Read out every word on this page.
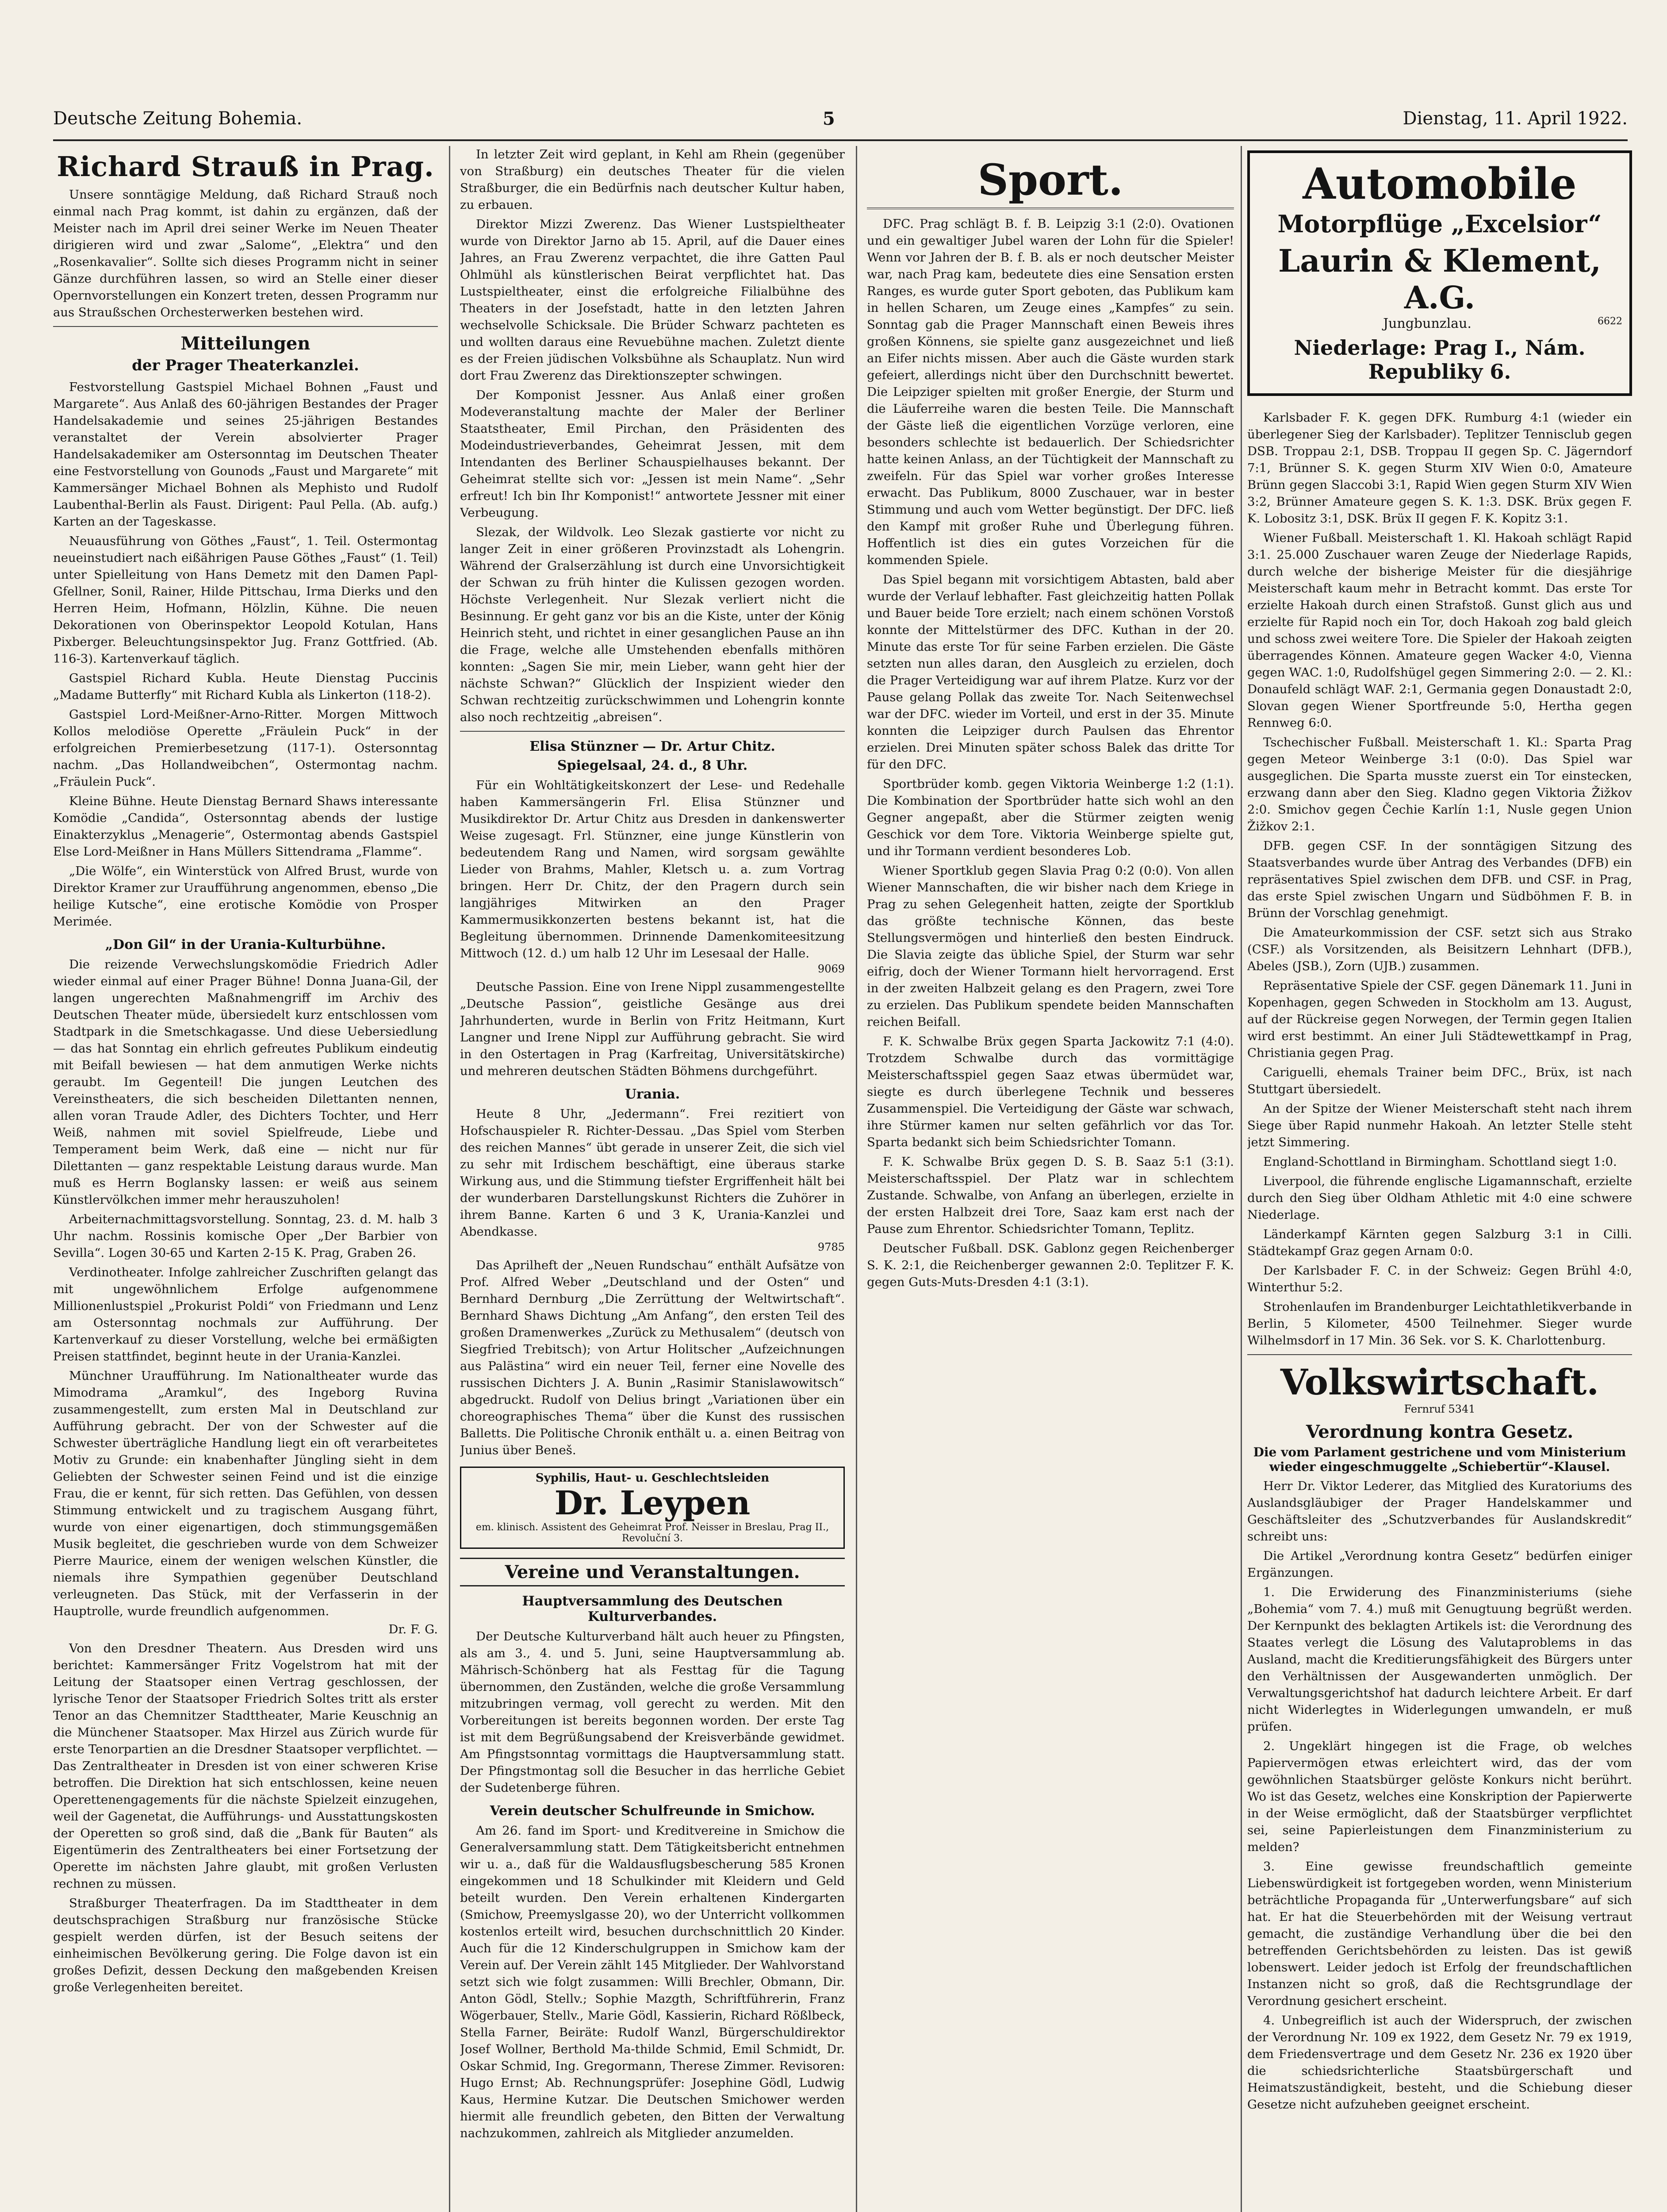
Deutsche Zeitung Bohemia.	5	Dienstag, 11. April 1922.
Richard Strauß in Prag.

Unsere sonntägige Meldung, daß Richard Strauß noch einmal nach Prag kommt, ist dahin zu ergänzen, daß der Meister nach im April drei seiner Werke im Neuen Theater dirigieren wird und zwar „Salome“, „Elektra“ und den „Rosenkavalier“. Sollte sich dieses Programm nicht in seiner Gänze durchführen lassen, so wird an Stelle einer dieser Opernvorstellungen ein Konzert treten, dessen Programm nur aus Straußschen Orchesterwerken bestehen wird.

Mitteilungen
der Prager Theaterkanzlei.

Festvorstellung Gastspiel Michael Bohnen „Faust und Margarete“. Aus Anlaß des 60-jährigen Bestandes der Prager Handelsakademie und seines 25-jährigen Bestandes veranstaltet der Verein absolvierter Prager Handelsakademiker am Ostersonntag im Deutschen Theater eine Festvorstellung von Gounods „Faust und Margarete“ mit Kammersänger Michael Bohnen als Mephisto und Rudolf Laubenthal-Berlin als Faust. Dirigent: Paul Pella. (Ab. aufg.) Karten an der Tageskasse.

Neuausführung von Göthes „Faust“, 1. Teil. Ostermontag neueinstudiert nach eißährigen Pause Göthes „Faust“ (1. Teil) unter Spielleitung von Hans Demetz mit den Damen Papl-Gfellner, Sonil, Rainer, Hilde Pittschau, Irma Dierks und den Herren Heim, Hofmann, Hölzlin, Kühne. Die neuen Dekorationen von Oberinspektor Leopold Kotulan, Hans Pixberger. Beleuchtungsinspektor Jug. Franz Gottfried. (Ab. 116-3). Kartenverkauf täglich.

Gastspiel Richard Kubla. Heute Dienstag Puccinis „Madame Butterfly“ mit Richard Kubla als Linkerton (118-2).

Gastspiel Lord-Meißner-Arno-Ritter. Morgen Mittwoch Kollos melodiöse Operette „Fräulein Puck“ in der erfolgreichen Premierbesetzung (117-1). Ostersonntag nachm. „Das Hollandweibchen“, Ostermontag nachm. „Fräulein Puck“.

Kleine Bühne. Heute Dienstag Bernard Shaws interessante Komödie „Candida“, Ostersonntag abends der lustige Einakterzyklus „Menagerie“, Ostermontag abends Gastspiel Else Lord-Meißner in Hans Müllers Sittendrama „Flamme“.

„Die Wölfe“, ein Winterstück von Alfred Brust, wurde von Direktor Kramer zur Uraufführung angenommen, ebenso „Die heilige Kutsche“, eine erotische Komödie von Prosper Merimée.

„Don Gil“ in der Urania-Kulturbühne.

Die reizende Verwechslungskomödie Friedrich Adler wieder einmal auf einer Prager Bühne! Donna Juana-Gil, der langen ungerechten Maßnahmengriff im Archiv des Deutschen Theater müde, übersiedelt kurz entschlossen vom Stadtpark in die Smetschkagasse. Und diese Uebersiedlung — das hat Sonntag ein ehrlich gefreutes Publikum eindeutig mit Beifall bewiesen — hat dem anmutigen Werke nichts geraubt. Im Gegenteil! Die jungen Leutchen des Vereinstheaters, die sich bescheiden Dilettanten nennen, allen voran Traude Adler, des Dichters Tochter, und Herr Weiß, nahmen mit soviel Spielfreude, Liebe und Temperament beim Werk, daß eine — nicht nur für Dilettanten — ganz respektable Leistung daraus wurde. Man muß es Herrn Boglansky lassen: er weiß aus seinem Künstlervölkchen immer mehr herauszuholen!

Arbeiternachmittagsvorstellung. Sonntag, 23. d. M. halb 3 Uhr nachm. Rossinis komische Oper „Der Barbier von Sevilla“. Logen 30-65 und Karten 2-15 K. Prag, Graben 26.

Verdinotheater. Infolge zahlreicher Zuschriften gelangt das mit ungewöhnlichem Erfolge aufgenommene Millionenlustspiel „Prokurist Poldi“ von Friedmann und Lenz am Ostersonntag nochmals zur Aufführung. Der Kartenverkauf zu dieser Vorstellung, welche bei ermäßigten Preisen stattfindet, beginnt heute in der Urania-Kanzlei.

Münchner Uraufführung. Im Nationaltheater wurde das Mimodrama „Aramkul“, des Ingeborg Ruvina zusammengestellt, zum ersten Mal in Deutschland zur Aufführung gebracht. Der von der Schwester auf die Schwester überträgliche Handlung liegt ein oft verarbeitetes Motiv zu Grunde: ein knabenhafter Jüngling sieht in dem Geliebten der Schwester seinen Feind und ist die einzige Frau, die er kennt, für sich retten. Das Gefühlen, von dessen Stimmung entwickelt und zu tragischem Ausgang führt, wurde von einer eigenartigen, doch stimmungsgemäßen Musik begleitet, die geschrieben wurde von dem Schweizer Pierre Maurice, einem der wenigen welschen Künstler, die niemals ihre Sympathien gegenüber Deutschland verleugneten. Das Stück, mit der Verfasserin in der Hauptrolle, wurde freundlich aufgenommen.

Dr. F. G.

Von den Dresdner Theatern. Aus Dresden wird uns berichtet: Kammersänger Fritz Vogelstrom hat mit der Leitung der Staatsoper einen Vertrag geschlossen, der lyrische Tenor der Staatsoper Friedrich Soltes tritt als erster Tenor an das Chemnitzer Stadttheater, Marie Keuschnig an die Münchener Staatsoper. Max Hirzel aus Zürich wurde für erste Tenorpartien an die Dresdner Staatsoper verpflichtet. — Das Zentraltheater in Dresden ist von einer schweren Krise betroffen. Die Direktion hat sich entschlossen, keine neuen Operettenengagements für die nächste Spielzeit einzugehen, weil der Gagenetat, die Aufführungs- und Ausstattungskosten der Operetten so groß sind, daß die „Bank für Bauten“ als Eigentümerin des Zentraltheaters bei einer Fortsetzung der Operette im nächsten Jahre glaubt, mit großen Verlusten rechnen zu müssen.

Straßburger Theaterfragen. Da im Stadttheater in dem deutschsprachigen Straßburg nur französische Stücke gespielt werden dürfen, ist der Besuch seitens der einheimischen Bevölkerung gering. Die Folge davon ist ein großes Defizit, dessen Deckung den maßgebenden Kreisen große Verlegenheiten bereitet.

In letzter Zeit wird geplant, in Kehl am Rhein (gegenüber von Straßburg) ein deutsches Theater für die vielen Straßburger, die ein Bedürfnis nach deutscher Kultur haben, zu erbauen.

Direktor Mizzi Zwerenz. Das Wiener Lustspieltheater wurde von Direktor Jarno ab 15. April, auf die Dauer eines Jahres, an Frau Zwerenz verpachtet, die ihre Gatten Paul Ohlmühl als künstlerischen Beirat verpflichtet hat. Das Lustspieltheater, einst die erfolgreiche Filialbühne des Theaters in der Josefstadt, hatte in den letzten Jahren wechselvolle Schicksale. Die Brüder Schwarz pachteten es und wollten daraus eine Revuebühne machen. Zuletzt diente es der Freien jüdischen Volksbühne als Schauplatz. Nun wird dort Frau Zwerenz das Direktionszepter schwingen.

Der Komponist Jessner. Aus Anlaß einer großen Modeveranstaltung machte der Maler der Berliner Staatstheater, Emil Pirchan, den Präsidenten des Modeindustrieverbandes, Geheimrat Jessen, mit dem Intendanten des Berliner Schauspielhauses bekannt. Der Geheimrat stellte sich vor: „Jessen ist mein Name“. „Sehr erfreut! Ich bin Ihr Komponist!“ antwortete Jessner mit einer Verbeugung.

Slezak, der Wildvolk. Leo Slezak gastierte vor nicht zu langer Zeit in einer größeren Provinzstadt als Lohengrin. Während der Gralserzählung ist durch eine Unvorsichtigkeit der Schwan zu früh hinter die Kulissen gezogen worden. Höchste Verlegenheit. Nur Slezak verliert nicht die Besinnung. Er geht ganz vor bis an die Kiste, unter der König Heinrich steht, und richtet in einer gesanglichen Pause an ihn die Frage, welche alle Umstehenden ebenfalls mithören konnten: „Sagen Sie mir, mein Lieber, wann geht hier der nächste Schwan?“ Glücklich der Inspizient wieder den Schwan rechtzeitig zurückschwimmen und Lohengrin konnte also noch rechtzeitig „abreisen“.

Elisa Stünzner — Dr. Artur Chitz.
Spiegelsaal, 24. d., 8 Uhr.

Für ein Wohltätigkeitskonzert der Lese- und Redehalle haben Kammersängerin Frl. Elisa Stünzner und Musikdirektor Dr. Artur Chitz aus Dresden in dankenswerter Weise zugesagt. Frl. Stünzner, eine junge Künstlerin von bedeutendem Rang und Namen, wird sorgsam gewählte Lieder von Brahms, Mahler, Kletsch u. a. zum Vortrag bringen. Herr Dr. Chitz, der den Pragern durch sein langjähriges Mitwirken an den Prager Kammermusikkonzerten bestens bekannt ist, hat die Begleitung übernommen. Drinnende Damenkomiteesitzung Mittwoch (12. d.) um halb 12 Uhr im Lesesaal der Halle.

9069

Deutsche Passion. Eine von Irene Nippl zusammengestellte „Deutsche Passion“, geistliche Gesänge aus drei Jahrhunderten, wurde in Berlin von Fritz Heitmann, Kurt Langner und Irene Nippl zur Aufführung gebracht. Sie wird in den Ostertagen in Prag (Karfreitag, Universitätskirche) und mehreren deutschen Städten Böhmens durchgeführt.

Urania.

Heute 8 Uhr, „Jedermann“. Frei rezitiert von Hofschauspieler R. Richter-Dessau. „Das Spiel vom Sterben des reichen Mannes“ übt gerade in unserer Zeit, die sich viel zu sehr mit Irdischem beschäftigt, eine überaus starke Wirkung aus, und die Stimmung tiefster Ergriffenheit hält bei der wunderbaren Darstellungskunst Richters die Zuhörer in ihrem Banne. Karten 6 und 3 K, Urania-Kanzlei und Abendkasse.

9785

Das Aprilheft der „Neuen Rundschau“ enthält Aufsätze von Prof. Alfred Weber „Deutschland und der Osten“ und Bernhard Dernburg „Die Zerrüttung der Weltwirtschaft“. Bernhard Shaws Dichtung „Am Anfang“, den ersten Teil des großen Dramenwerkes „Zurück zu Methusalem“ (deutsch von Siegfried Trebitsch); von Artur Holitscher „Aufzeichnungen aus Palästina“ wird ein neuer Teil, ferner eine Novelle des russischen Dichters J. A. Bunin „Rasimir Stanislawowitsch“ abgedruckt. Rudolf von Delius bringt „Variationen über ein choreographisches Thema“ über die Kunst des russischen Balletts. Die Politische Chronik enthält u. a. einen Beitrag von Junius über Beneš.

Syphilis, Haut- u. Geschlechtsleiden
Dr. Leypen
em. klinisch. Assistent des Geheimrat Prof. Neisser in Breslau, Prag II., Revoluční 3.
Vereine und Veranstaltungen.
Hauptversammlung des Deutschen Kulturverbandes.

Der Deutsche Kulturverband hält auch heuer zu Pfingsten, als am 3., 4. und 5. Juni, seine Hauptversammlung ab. Mährisch-Schönberg hat als Festtag für die Tagung übernommen, den Zuständen, welche die große Versammlung mitzubringen vermag, voll gerecht zu werden. Mit den Vorbereitungen ist bereits begonnen worden. Der erste Tag ist mit dem Begrüßungsabend der Kreisverbände gewidmet. Am Pfingstsonntag vormittags die Hauptversammlung statt. Der Pfingstmontag soll die Besucher in das herrliche Gebiet der Sudetenberge führen.

Verein deutscher Schulfreunde in Smichow.

Am 26. fand im Sport- und Kreditvereine in Smichow die Generalversammlung statt. Dem Tätigkeitsbericht entnehmen wir u. a., daß für die Waldausflugsbescherung 585 Kronen eingekommen und 18 Schulkinder mit Kleidern und Geld beteilt wurden. Den Verein erhaltenen Kindergarten (Smichow, Preemyslgasse 20), wo der Unterricht vollkommen kostenlos erteilt wird, besuchen durchschnittlich 20 Kinder. Auch für die 12 Kinderschulgruppen in Smichow kam der Verein auf. Der Verein zählt 145 Mitglieder. Der Wahlvorstand setzt sich wie folgt zusammen: Willi Brechler, Obmann, Dir. Anton Gödl, Stellv.; Sophie Mazgth, Schriftführerin, Franz Wögerbauer, Stellv., Marie Gödl, Kassierin, Richard Rößlbeck, Stella Farner, Beiräte: Rudolf Wanzl, Bürgerschuldirektor Josef Wollner, Berthold Ma-thilde Schmid, Emil Schmidt, Dr. Oskar Schmid, Ing. Gregormann, Therese Zimmer. Revisoren: Hugo Ernst; Ab. Rechnungsprüfer: Josephine Gödl, Ludwig Kaus, Hermine Kutzar. Die Deutschen Smichower werden hiermit alle freundlich gebeten, den Bitten der Verwaltung nachzukommen, zahlreich als Mitglieder anzumelden.

Sport.

DFC. Prag schlägt B. f. B. Leipzig 3:1 (2:0). Ovationen und ein gewaltiger Jubel waren der Lohn für die Spieler! Wenn vor Jahren der B. f. B. als er noch deutscher Meister war, nach Prag kam, bedeutete dies eine Sensation ersten Ranges, es wurde guter Sport geboten, das Publikum kam in hellen Scharen, um Zeuge eines „Kampfes“ zu sein. Sonntag gab die Prager Mannschaft einen Beweis ihres großen Könnens, sie spielte ganz ausgezeichnet und ließ an Eifer nichts missen. Aber auch die Gäste wurden stark gefeiert, allerdings nicht über den Durchschnitt bewertet. Die Leipziger spielten mit großer Energie, der Sturm und die Läuferreihe waren die besten Teile. Die Mannschaft der Gäste ließ die eigentlichen Vorzüge verloren, eine besonders schlechte ist bedauerlich. Der Schiedsrichter hatte keinen Anlass, an der Tüchtigkeit der Mannschaft zu zweifeln. Für das Spiel war vorher großes Interesse erwacht. Das Publikum, 8000 Zuschauer, war in bester Stimmung und auch vom Wetter begünstigt. Der DFC. ließ den Kampf mit großer Ruhe und Überlegung führen. Hoffentlich ist dies ein gutes Vorzeichen für die kommenden Spiele.

Das Spiel begann mit vorsichtigem Abtasten, bald aber wurde der Verlauf lebhafter. Fast gleichzeitig hatten Pollak und Bauer beide Tore erzielt; nach einem schönen Vorstoß konnte der Mittelstürmer des DFC. Kuthan in der 20. Minute das erste Tor für seine Farben erzielen. Die Gäste setzten nun alles daran, den Ausgleich zu erzielen, doch die Prager Verteidigung war auf ihrem Platze. Kurz vor der Pause gelang Pollak das zweite Tor. Nach Seitenwechsel war der DFC. wieder im Vorteil, und erst in der 35. Minute konnten die Leipziger durch Paulsen das Ehrentor erzielen. Drei Minuten später schoss Balek das dritte Tor für den DFC.

Sportbrüder komb. gegen Viktoria Weinberge 1:2 (1:1). Die Kombination der Sportbrüder hatte sich wohl an den Gegner angepaßt, aber die Stürmer zeigten wenig Geschick vor dem Tore. Viktoria Weinberge spielte gut, und ihr Tormann verdient besonderes Lob.

Wiener Sportklub gegen Slavia Prag 0:2 (0:0). Von allen Wiener Mannschaften, die wir bisher nach dem Kriege in Prag zu sehen Gelegenheit hatten, zeigte der Sportklub das größte technische Können, das beste Stellungsvermögen und hinterließ den besten Eindruck. Die Slavia zeigte das übliche Spiel, der Sturm war sehr eifrig, doch der Wiener Tormann hielt hervorragend. Erst in der zweiten Halbzeit gelang es den Pragern, zwei Tore zu erzielen. Das Publikum spendete beiden Mannschaften reichen Beifall.

F. K. Schwalbe Brüx gegen Sparta Jackowitz 7:1 (4:0). Trotzdem Schwalbe durch das vormittägige Meisterschaftsspiel gegen Saaz etwas übermüdet war, siegte es durch überlegene Technik und besseres Zusammenspiel. Die Verteidigung der Gäste war schwach, ihre Stürmer kamen nur selten gefährlich vor das Tor. Sparta bedankt sich beim Schiedsrichter Tomann.

F. K. Schwalbe Brüx gegen D. S. B. Saaz 5:1 (3:1). Meisterschaftsspiel. Der Platz war in schlechtem Zustande. Schwalbe, von Anfang an überlegen, erzielte in der ersten Halbzeit drei Tore, Saaz kam erst nach der Pause zum Ehrentor. Schiedsrichter Tomann, Teplitz.

Deutscher Fußball. DSK. Gablonz gegen Reichenberger S. K. 2:1, die Reichenberger gewannen 2:0. Teplitzer F. K. gegen Guts-Muts-Dresden 4:1 (3:1).

Automobile
Motorpflüge „Excelsior“
Laurin & Klement, A.G.
Jungbunzlau.	6622
Niederlage: Prag I., Nám. Republiky 6.

Karlsbader F. K. gegen DFK. Rumburg 4:1 (wieder ein überlegener Sieg der Karlsbader). Teplitzer Tennisclub gegen DSB. Troppau 2:1, DSB. Troppau II gegen Sp. C. Jägerndorf 7:1, Brünner S. K. gegen Sturm XIV Wien 0:0, Amateure Brünn gegen Slaccobi 3:1, Rapid Wien gegen Sturm XIV Wien 3:2, Brünner Amateure gegen S. K. 1:3. DSK. Brüx gegen F. K. Lobositz 3:1, DSK. Brüx II gegen F. K. Kopitz 3:1.

Wiener Fußball. Meisterschaft 1. Kl. Hakoah schlägt Rapid 3:1. 25.000 Zuschauer waren Zeuge der Niederlage Rapids, durch welche der bisherige Meister für die diesjährige Meisterschaft kaum mehr in Betracht kommt. Das erste Tor erzielte Hakoah durch einen Strafstoß. Gunst glich aus und erzielte für Rapid noch ein Tor, doch Hakoah zog bald gleich und schoss zwei weitere Tore. Die Spieler der Hakoah zeigten überragendes Können. Amateure gegen Wacker 4:0, Vienna gegen WAC. 1:0, Rudolfshügel gegen Simmering 2:0. — 2. Kl.: Donaufeld schlägt WAF. 2:1, Germania gegen Donaustadt 2:0, Slovan gegen Wiener Sportfreunde 5:0, Hertha gegen Rennweg 6:0.

Tschechischer Fußball. Meisterschaft 1. Kl.: Sparta Prag gegen Meteor Weinberge 3:1 (0:0). Das Spiel war ausgeglichen. Die Sparta musste zuerst ein Tor einstecken, erzwang dann aber den Sieg. Kladno gegen Viktoria Žižkov 2:0. Smichov gegen Čechie Karlín 1:1, Nusle gegen Union Žižkov 2:1.

DFB. gegen CSF. In der sonntägigen Sitzung des Staatsverbandes wurde über Antrag des Verbandes (DFB) ein repräsentatives Spiel zwischen dem DFB. und CSF. in Prag, das erste Spiel zwischen Ungarn und Südböhmen F. B. in Brünn der Vorschlag genehmigt.

Die Amateurkommission der CSF. setzt sich aus Strako (CSF.) als Vorsitzenden, als Beisitzern Lehnhart (DFB.), Abeles (JSB.), Zorn (UJB.) zusammen.

Repräsentative Spiele der CSF. gegen Dänemark 11. Juni in Kopenhagen, gegen Schweden in Stockholm am 13. August, auf der Rückreise gegen Norwegen, der Termin gegen Italien wird erst bestimmt. An einer Juli Städtewettkampf in Prag, Christiania gegen Prag.

Cariguelli, ehemals Trainer beim DFC., Brüx, ist nach Stuttgart übersiedelt.

An der Spitze der Wiener Meisterschaft steht nach ihrem Siege über Rapid nunmehr Hakoah. An letzter Stelle steht jetzt Simmering.

England-Schottland in Birmingham. Schottland siegt 1:0.

Liverpool, die führende englische Ligamannschaft, erzielte durch den Sieg über Oldham Athletic mit 4:0 eine schwere Niederlage.

Länderkampf Kärnten gegen Salzburg 3:1 in Cilli. Städtekampf Graz gegen Arnam 0:0.

Der Karlsbader F. C. in der Schweiz: Gegen Brühl 4:0, Winterthur 5:2.

Strohenlaufen im Brandenburger Leichtathletikverbande in Berlin, 5 Kilometer, 4500 Teilnehmer. Sieger wurde Wilhelmsdorf in 17 Min. 36 Sek. vor S. K. Charlottenburg.

Volkswirtschaft.
Fernruf 5341
Verordnung kontra Gesetz.
Die vom Parlament gestrichene und vom Ministerium wieder eingeschmuggelte „Schiebertür“-Klausel.

Herr Dr. Viktor Lederer, das Mitglied des Kuratoriums des Auslandsgläubiger der Prager Handelskammer und Geschäftsleiter des „Schutzverbandes für Auslandskredit“ schreibt uns:

Die Artikel „Verordnung kontra Gesetz“ bedürfen einiger Ergänzungen.

1. Die Erwiderung des Finanzministeriums (siehe „Bohemia“ vom 7. 4.) muß mit Genugtuung begrüßt werden. Der Kernpunkt des beklagten Artikels ist: die Verordnung des Staates verlegt die Lösung des Valutaproblems in das Ausland, macht die Kreditierungsfähigkeit des Bürgers unter den Verhältnissen der Ausgewanderten unmöglich. Der Verwaltungsgerichtshof hat dadurch leichtere Arbeit. Er darf nicht Widerlegtes in Widerlegungen umwandeln, er muß prüfen.

2. Ungeklärt hingegen ist die Frage, ob welches Papiervermögen etwas erleichtert wird, das der vom gewöhnlichen Staatsbürger gelöste Konkurs nicht berührt. Wo ist das Gesetz, welches eine Konskription der Papierwerte in der Weise ermöglicht, daß der Staatsbürger verpflichtet sei, seine Papierleistungen dem Finanzministerium zu melden?

3. Eine gewisse freundschaftlich gemeinte Liebenswürdigkeit ist fortgegeben worden, wenn Ministerium beträchtliche Propaganda für „Unterwerfungsbare“ auf sich hat. Er hat die Steuerbehörden mit der Weisung vertraut gemacht, die zuständige Verhandlung über die bei den betreffenden Gerichtsbehörden zu leisten. Das ist gewiß lobenswert. Leider jedoch ist Erfolg der freundschaftlichen Instanzen nicht so groß, daß die Rechtsgrundlage der Verordnung gesichert erscheint.

4. Unbegreiflich ist auch der Widerspruch, der zwischen der Verordnung Nr. 109 ex 1922, dem Gesetz Nr. 79 ex 1919, dem Friedensvertrage und dem Gesetz Nr. 236 ex 1920 über die schiedsrichterliche Staatsbürgerschaft und Heimatszuständigkeit, besteht, und die Schiebung dieser Gesetze nicht aufzuheben geeignet erscheint.
